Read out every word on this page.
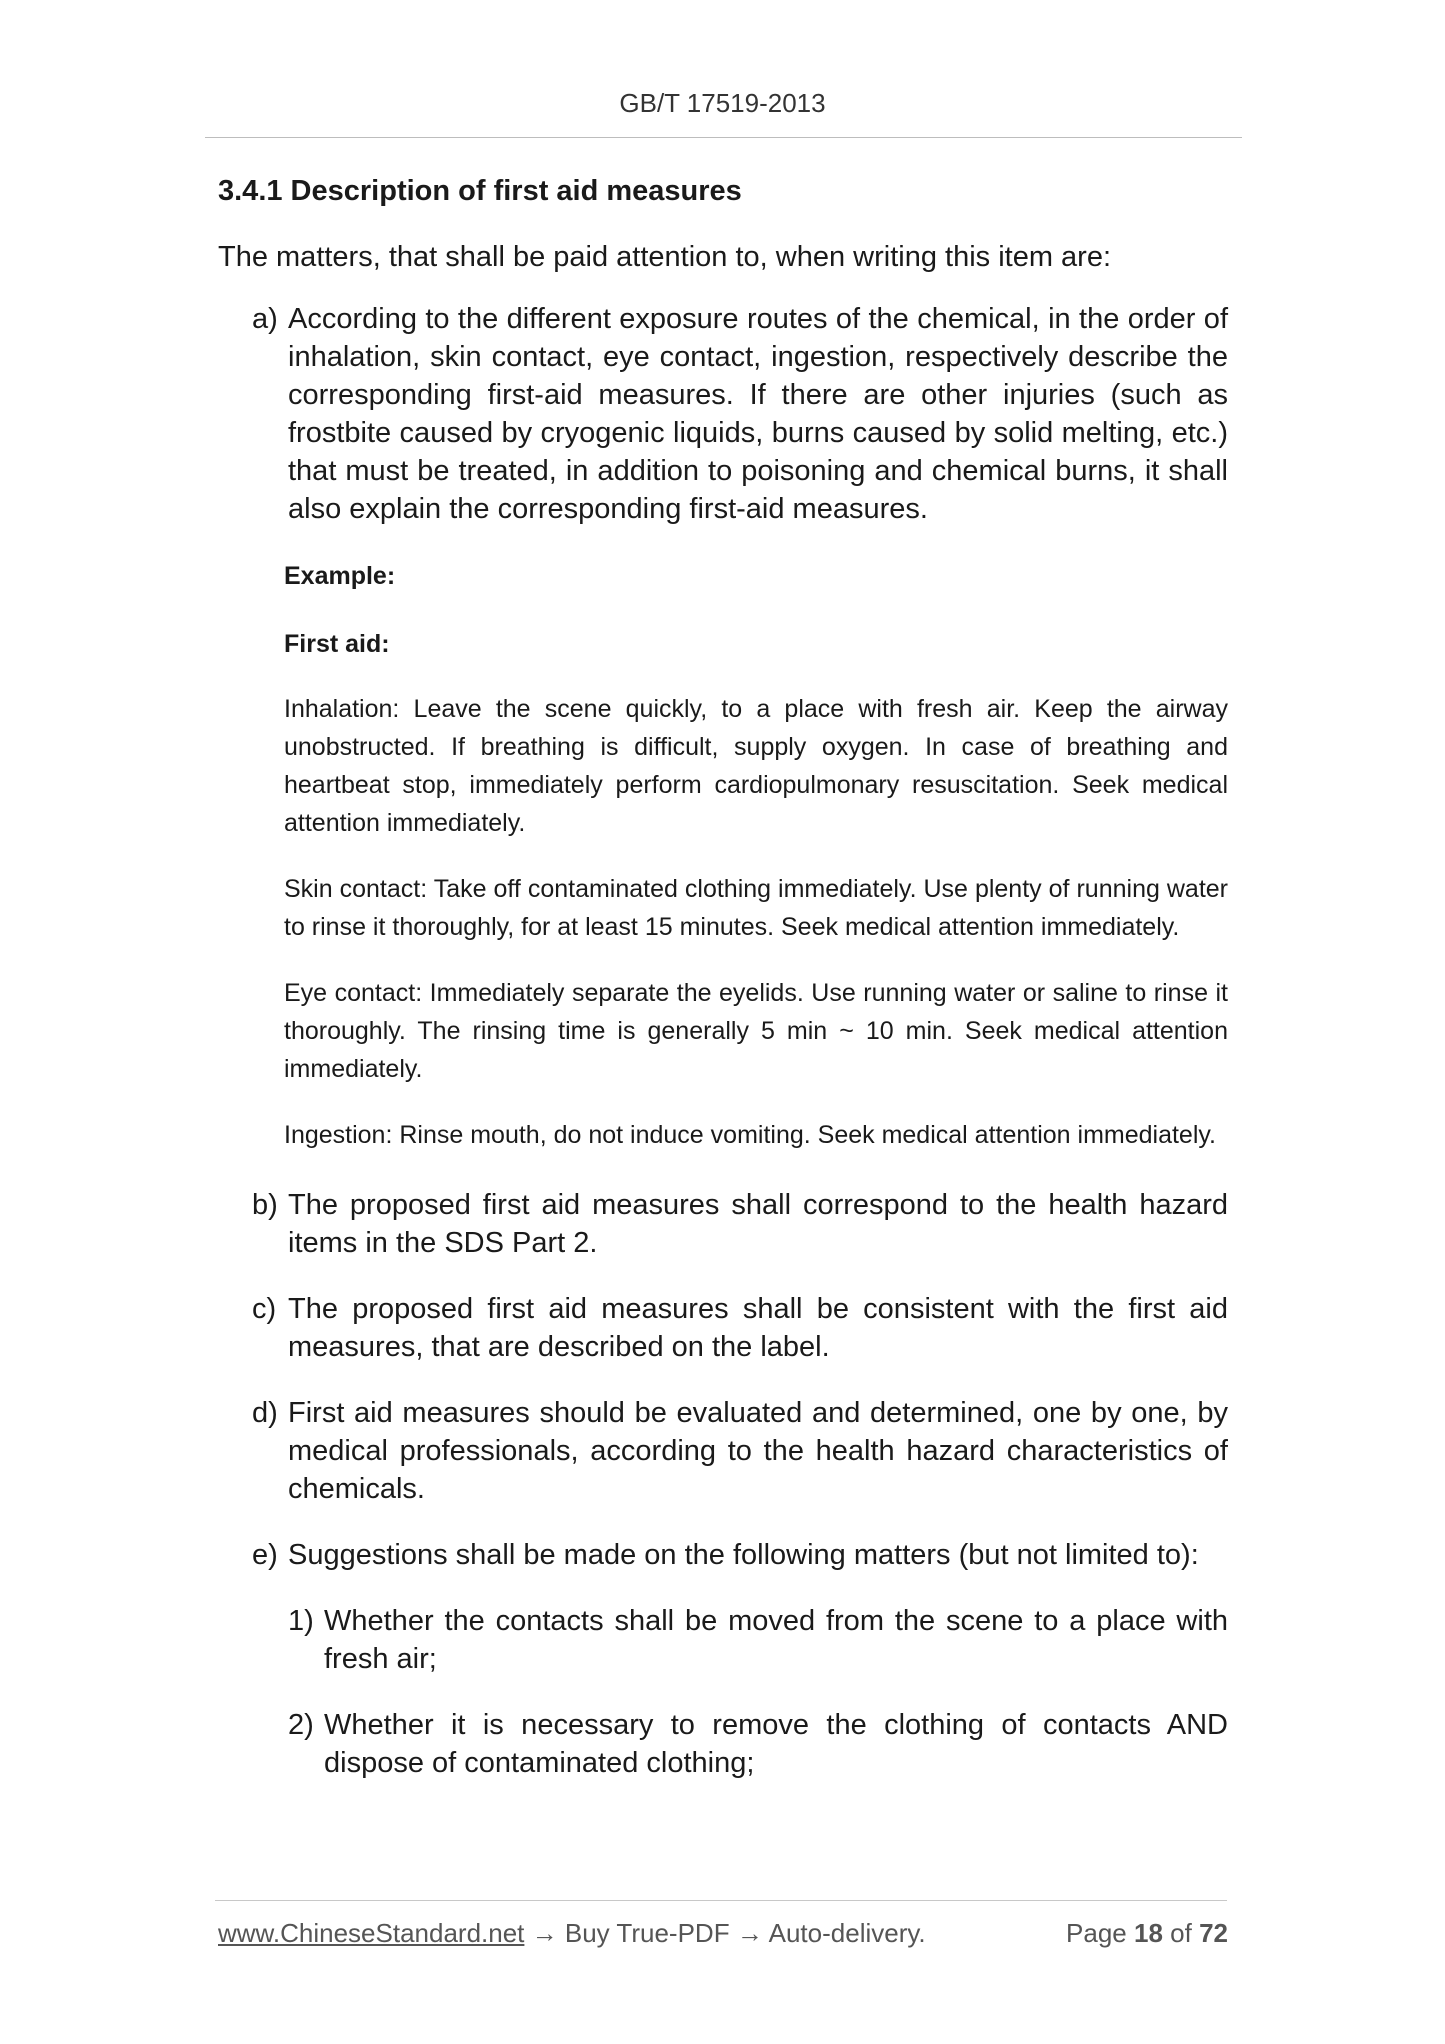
GB/T 17519-2013
3.4.1 Description of first aid measures

The matters, that shall be paid attention to, when writing this item are:

a) According to the different exposure routes of the chemical, in the order of inhalation, skin contact, eye contact, ingestion, respectively describe the corresponding first-aid measures. If there are other injuries (such as frostbite caused by cryogenic liquids, burns caused by solid melting, etc.) that must be treated, in addition to poisoning and chemical burns, it shall also explain the corresponding first-aid measures.

Example:

First aid:

Inhalation: Leave the scene quickly, to a place with fresh air. Keep the airway unobstructed. If breathing is difficult, supply oxygen. In case of breathing and heartbeat stop, immediately perform cardiopulmonary resuscitation. Seek medical attention immediately.

Skin contact: Take off contaminated clothing immediately. Use plenty of running water to rinse it thoroughly, for at least 15 minutes. Seek medical attention immediately.

Eye contact: Immediately separate the eyelids. Use running water or saline to rinse it thoroughly. The rinsing time is generally 5 min ~ 10 min. Seek medical attention immediately.

Ingestion: Rinse mouth, do not induce vomiting. Seek medical attention immediately.

b) The proposed first aid measures shall correspond to the health hazard items in the SDS Part 2.
c) The proposed first aid measures shall be consistent with the first aid measures, that are described on the label.
d) First aid measures should be evaluated and determined, one by one, by medical professionals, according to the health hazard characteristics of chemicals.
e) Suggestions shall be made on the following matters (but not limited to):
1) Whether the contacts shall be moved from the scene to a place with fresh air;
2) Whether it is necessary to remove the clothing of contacts AND dispose of contaminated clothing;
www.ChineseStandard.net → Buy True-PDF → Auto-delivery.	Page 18 of 72
